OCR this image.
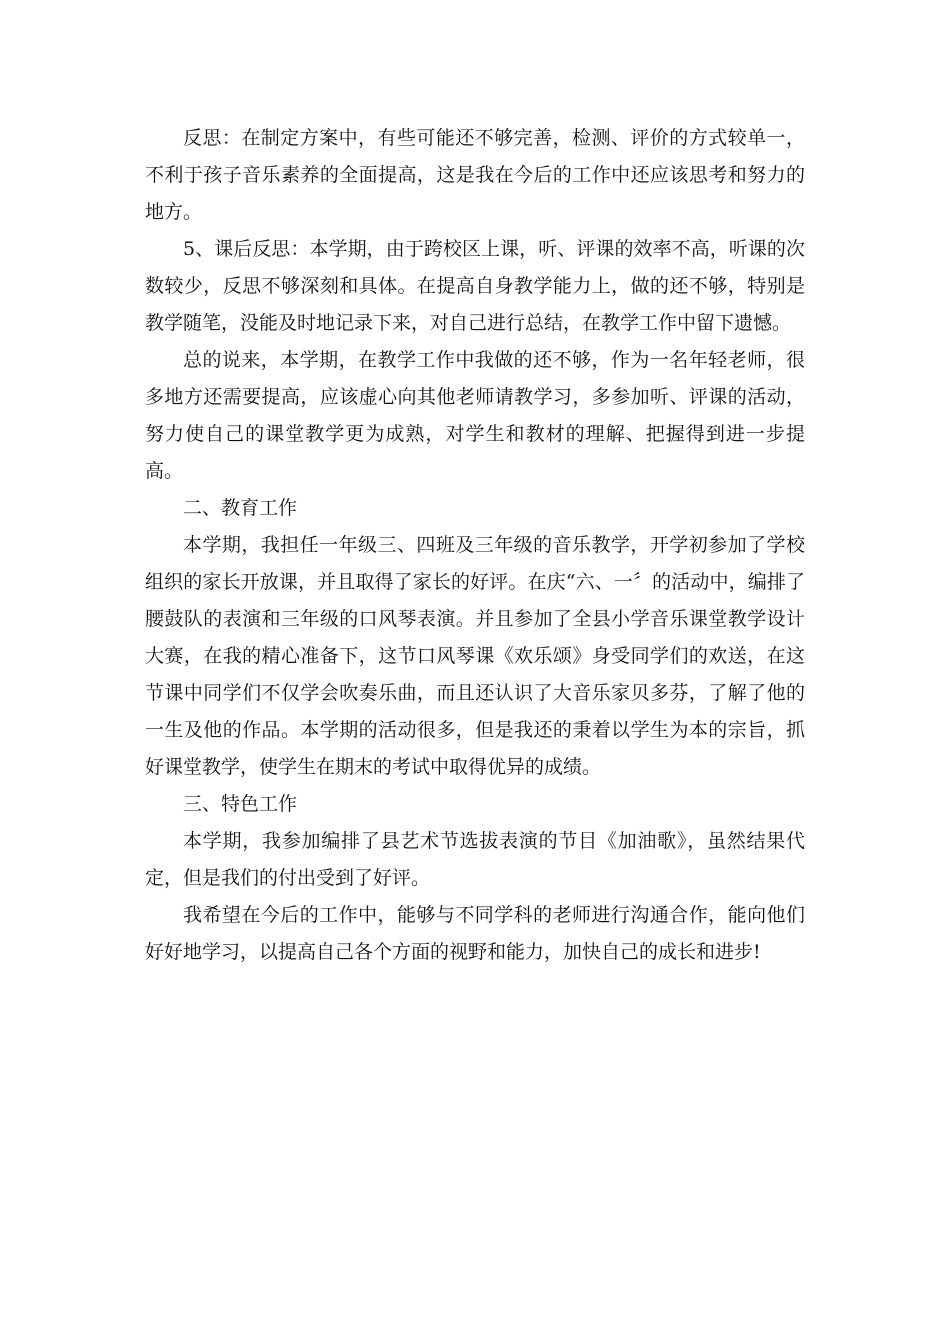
反思：在制定方案中，有些可能还不够完善，检测、评价的方式较单一，不利于孩子音乐素养的全面提高，这是我在今后的工作中还应该思考和努力的地方。

5、课后反思：本学期，由于跨校区上课，听、评课的效率不高，听课的次数较少，反思不够深刻和具体。在提高自身教学能力上，做的还不够，特别是教学随笔，没能及时地记录下来，对自己进行总结，在教学工作中留下遗憾。

总的说来，本学期，在教学工作中我做的还不够，作为一名年轻老师，很多地方还需要提高，应该虚心向其他老师请教学习，多参加听、评课的活动，努力使自己的课堂教学更为成熟，对学生和教材的理解、把握得到进一步提高。

二、教育工作

本学期，我担任一年级三、四班及三年级的音乐教学，开学初参加了学校组织的家长开放课，并且取得了家长的好评。在庆“六、一〞的活动中，编排了腰鼓队的表演和三年级的口风琴表演。并且参加了全县小学音乐课堂教学设计大赛，在我的精心准备下，这节口风琴课《欢乐颂》身受同学们的欢送，在这节课中同学们不仅学会吹奏乐曲，而且还认识了大音乐家贝多芬，了解了他的一生及他的作品。本学期的活动很多，但是我还的秉着以学生为本的宗旨，抓好课堂教学，使学生在期末的考试中取得优异的成绩。

三、特色工作

本学期，我参加编排了县艺术节选拔表演的节目《加油歌》，虽然结果代定，但是我们的付出受到了好评。

我希望在今后的工作中，能够与不同学科的老师进行沟通合作，能向他们好好地学习，以提高自己各个方面的视野和能力，加快自己的成长和进步!
